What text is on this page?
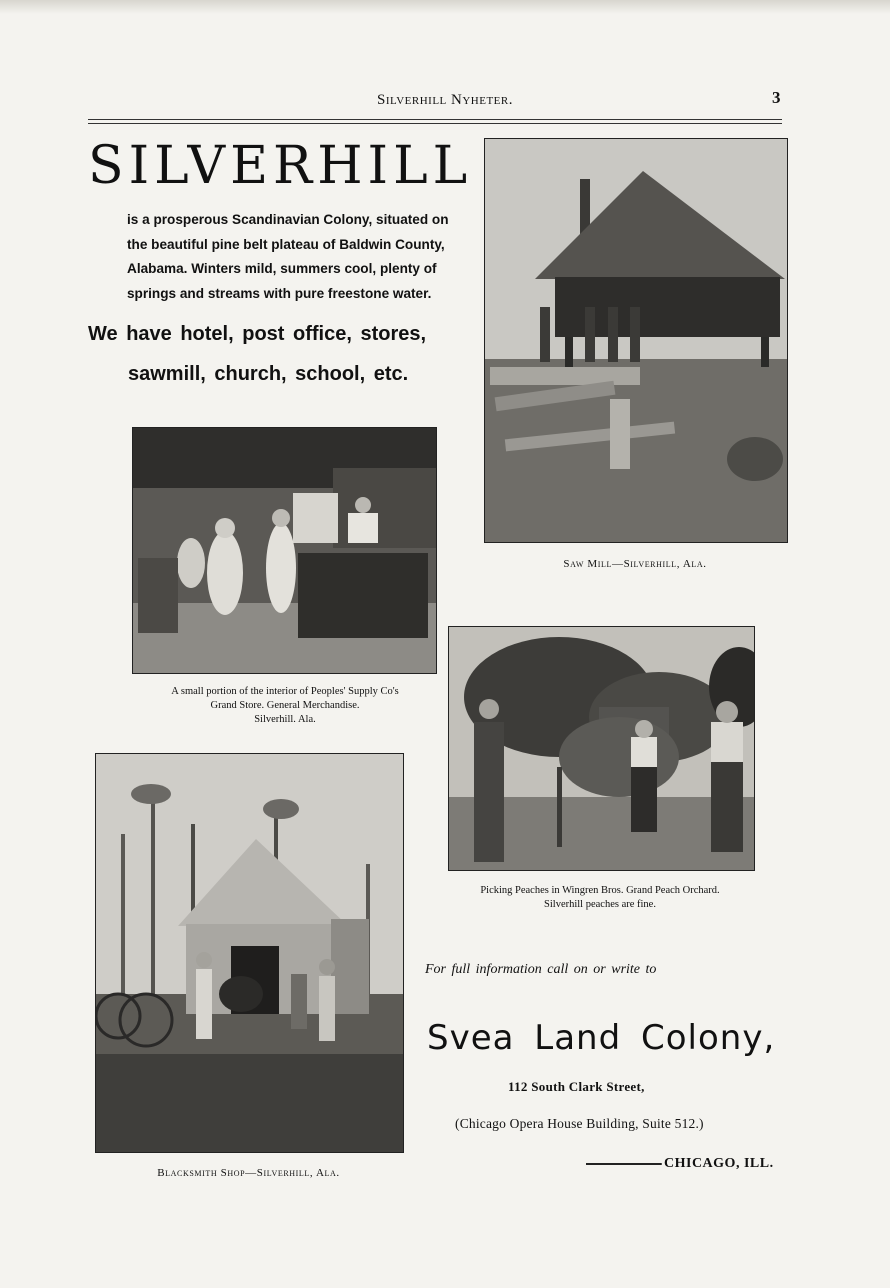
Silverhill Nyheter.	3
SILVERHILL
is a prosperous Scandinavian Colony, situated on
the beautiful pine belt plateau of Baldwin County,
Alabama. Winters mild, summers cool, plenty of
springs and streams with pure freestone water.
We have hotel, post office, stores,
sawmill, church, school, etc.
Saw Mill—Silverhill, Ala.
A small portion of the interior of Peoples' Supply Co's
Grand Store. General Merchandise.
Silverhill. Ala.
Picking Peaches in Wingren Bros. Grand Peach Orchard.
Silverhill peaches are fine.
Blacksmith Shop—Silverhill, Ala.
For full information call on or write to
Svea Land Colony,
112 South Clark Street,
(Chicago Opera House Building, Suite 512.)
CHICAGO, ILL.
